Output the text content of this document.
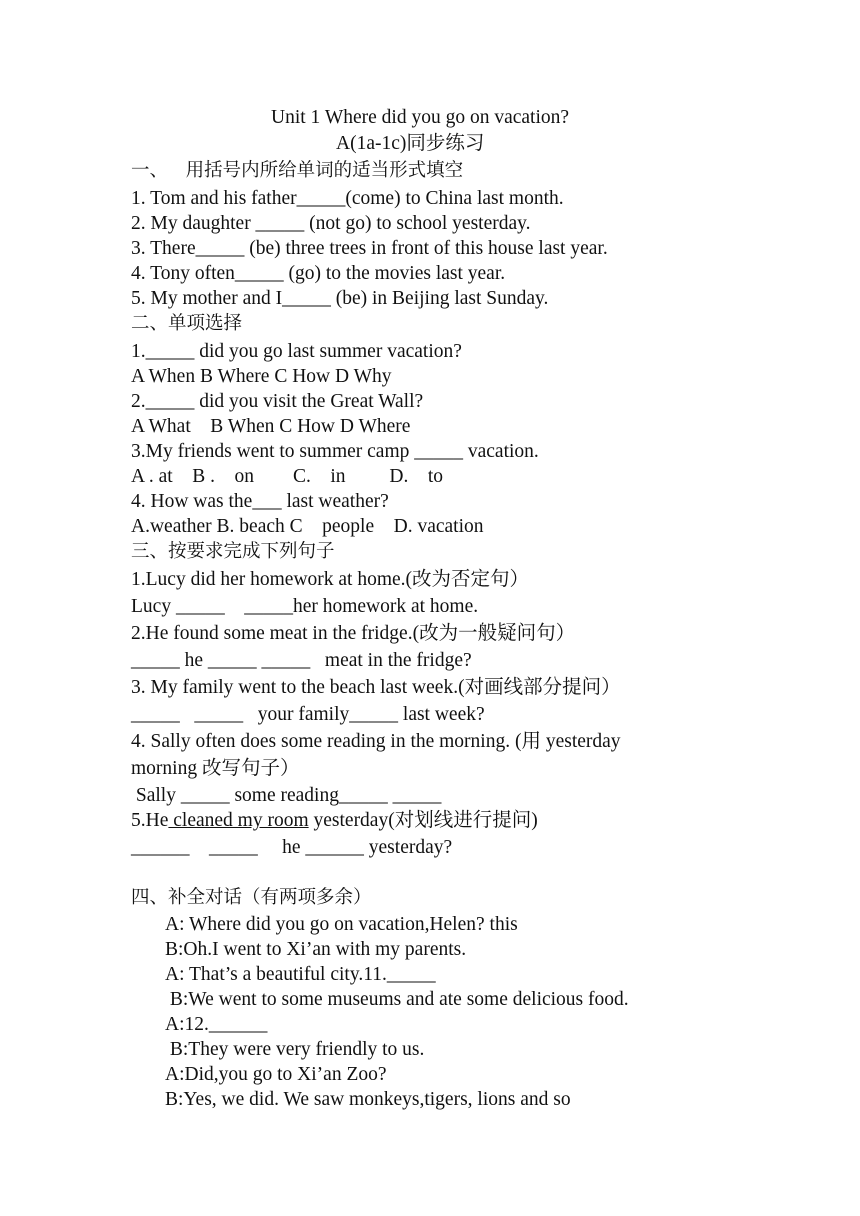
Unit 1 Where did you go on vacation?
A(1a-1c)同步练习
一、   用括号内所给单词的适当形式填空
1. Tom and his father_____(come) to China last month.
2. My daughter _____ (not go) to school yesterday.
3. There_____ (be) three trees in front of this house last year.
4. Tony often_____ (go) to the movies last year.
5. My mother and I_____ (be) in Beijing last Sunday.
二、单项选择
1._____ did you go last summer vacation?
A When B Where C How D Why
2._____ did you visit the Great Wall?
A What    B When C How D Where
3.My friends went to summer camp _____ vacation.
A . at    B .    on        C.    in         D.    to
4. How was the___ last weather?
A.weather B. beach C    people    D. vacation
三、按要求完成下列句子
1.Lucy did her homework at home.(改为否定句）
Lucy _____    _____her homework at home.
2.He found some meat in the fridge.(改为一般疑问句）
_____ he _____ _____   meat in the fridge?
3. My family went to the beach last week.(对画线部分提问）
_____   _____   your family_____ last week?
4. Sally often does some reading in the morning. (用 yesterday
morning 改写句子）
Sally _____ some reading_____ _____
5.He cleaned my room yesterday(对划线进行提问)
______    _____     he ______ yesterday?
四、补全对话（有两项多余）
A: Where did you go on vacation,Helen? this
B:Oh.I went to Xi’an with my parents.
A: That’s a beautiful city.11._____
B:We went to some museums and ate some delicious food.
A:12.______
B:They were very friendly to us.
A:Did,you go to Xi’an Zoo?
B:Yes, we did. We saw monkeys,tigers, lions and so
